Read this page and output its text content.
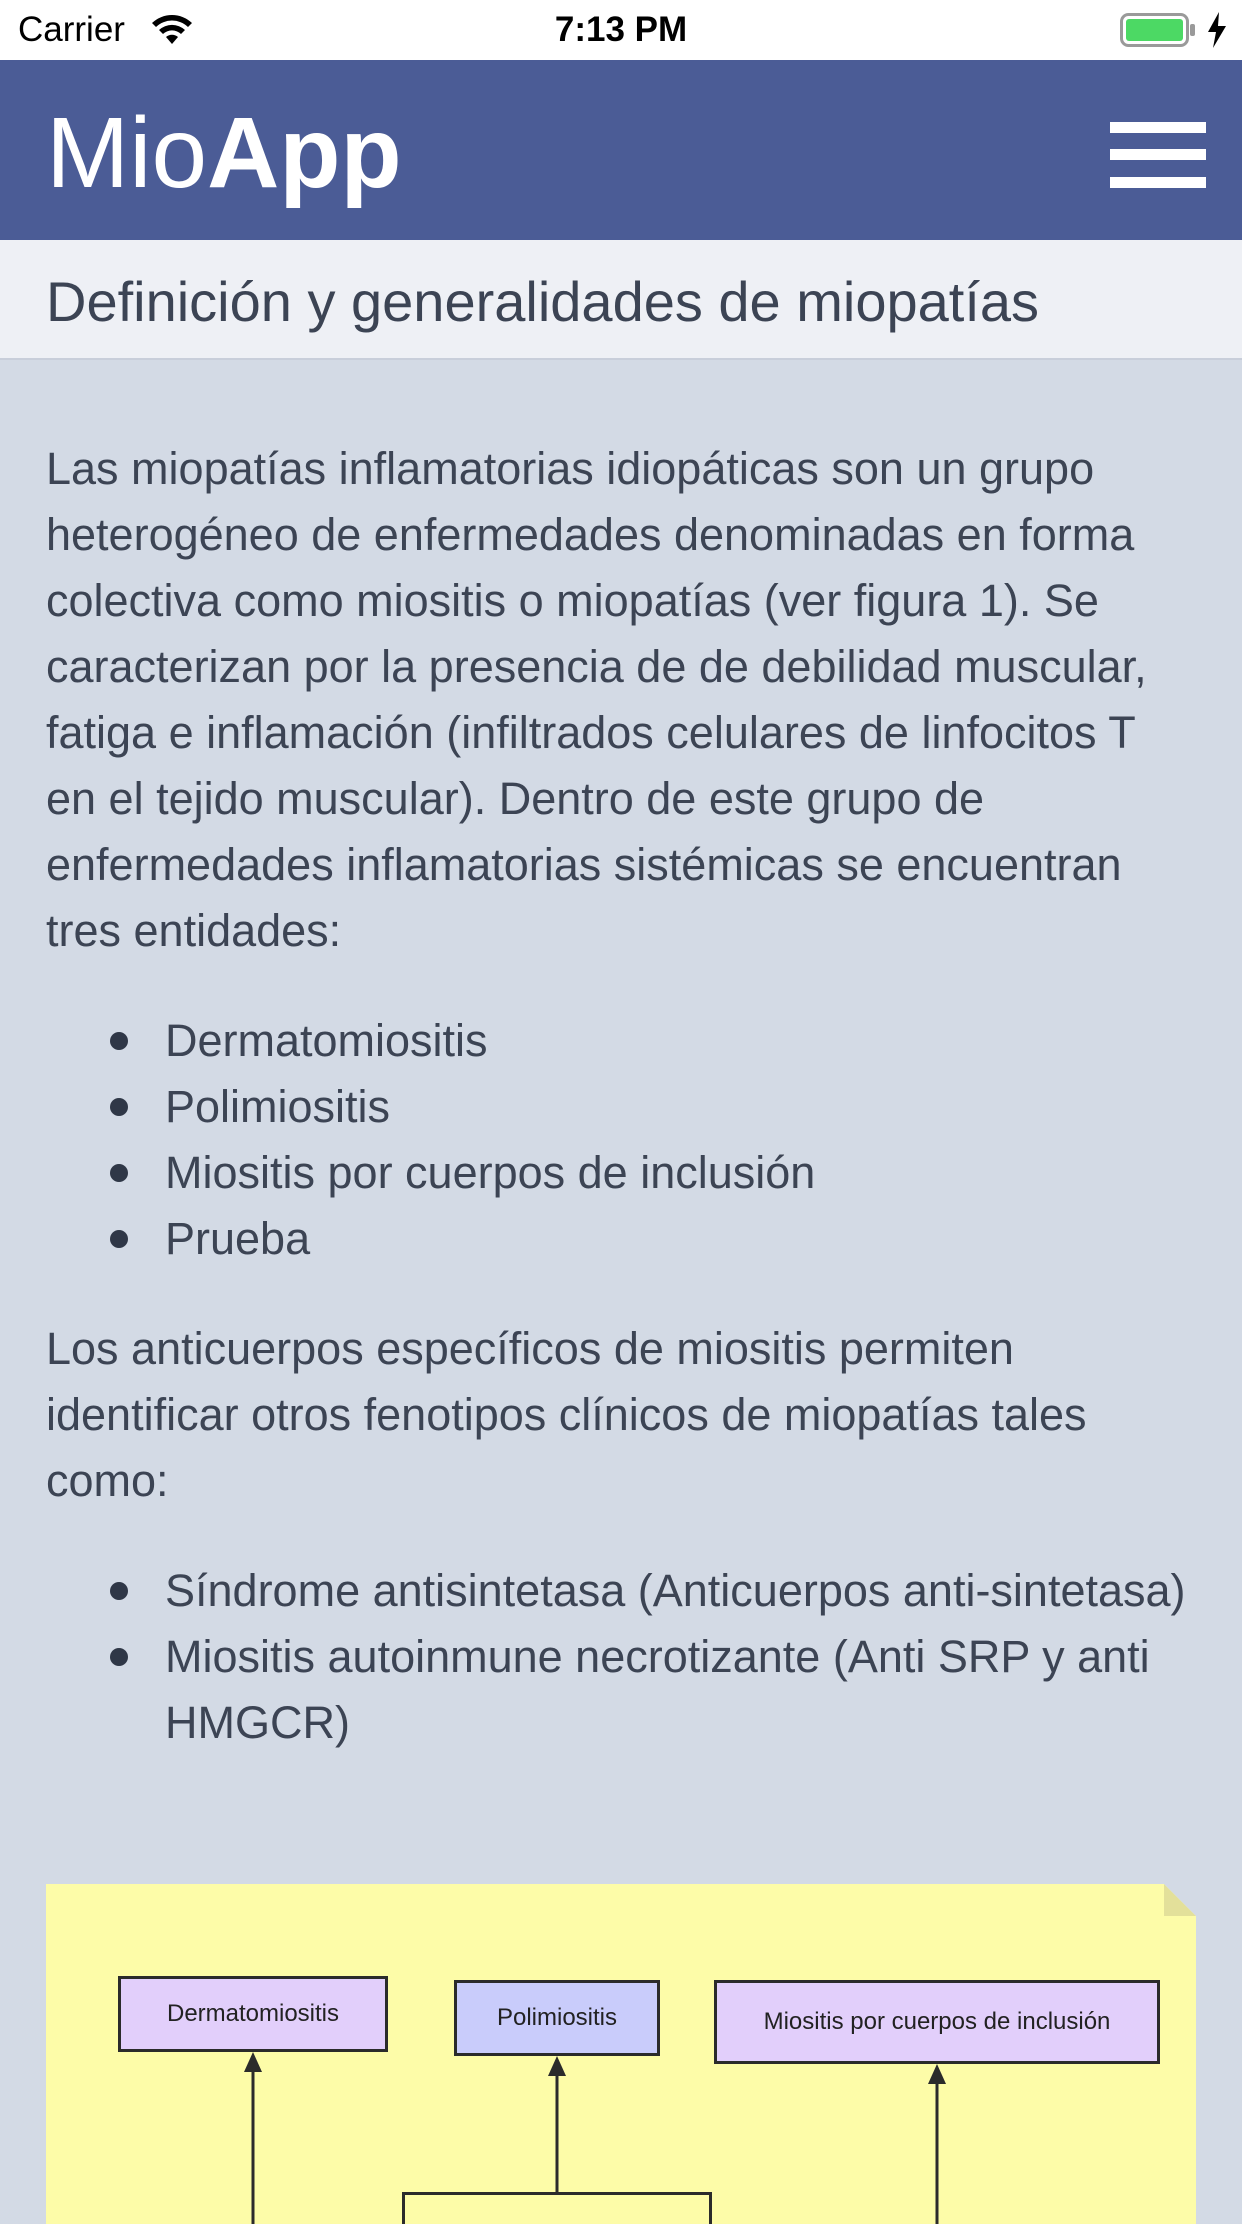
Carrier	7:13 PM
MioApp
Definición y generalidades de miopatías

Las miopatías inflamatorias idiopáticas son un grupo heterogéneo de enfermedades denominadas en forma colectiva como miositis o miopatías (ver figura 1). Se caracterizan por la presencia de de debilidad muscular, fatiga e inflamación (infiltrados celulares de linfocitos T en el tejido muscular). Dentro de este grupo de enfermedades inflamatorias sistémicas se encuentran tres entidades:

Dermatomiositis
Polimiositis
Miositis por cuerpos de inclusión
Prueba

Los anticuerpos específicos de miositis permiten identificar otros fenotipos clínicos de miopatías tales como:

Síndrome antisintetasa (Anticuerpos anti-sintetasa)
Miositis autoinmune necrotizante (Anti SRP y anti HMGCR)
Dermatomiositis	Polimiositis	Miositis por cuerpos de inclusión
